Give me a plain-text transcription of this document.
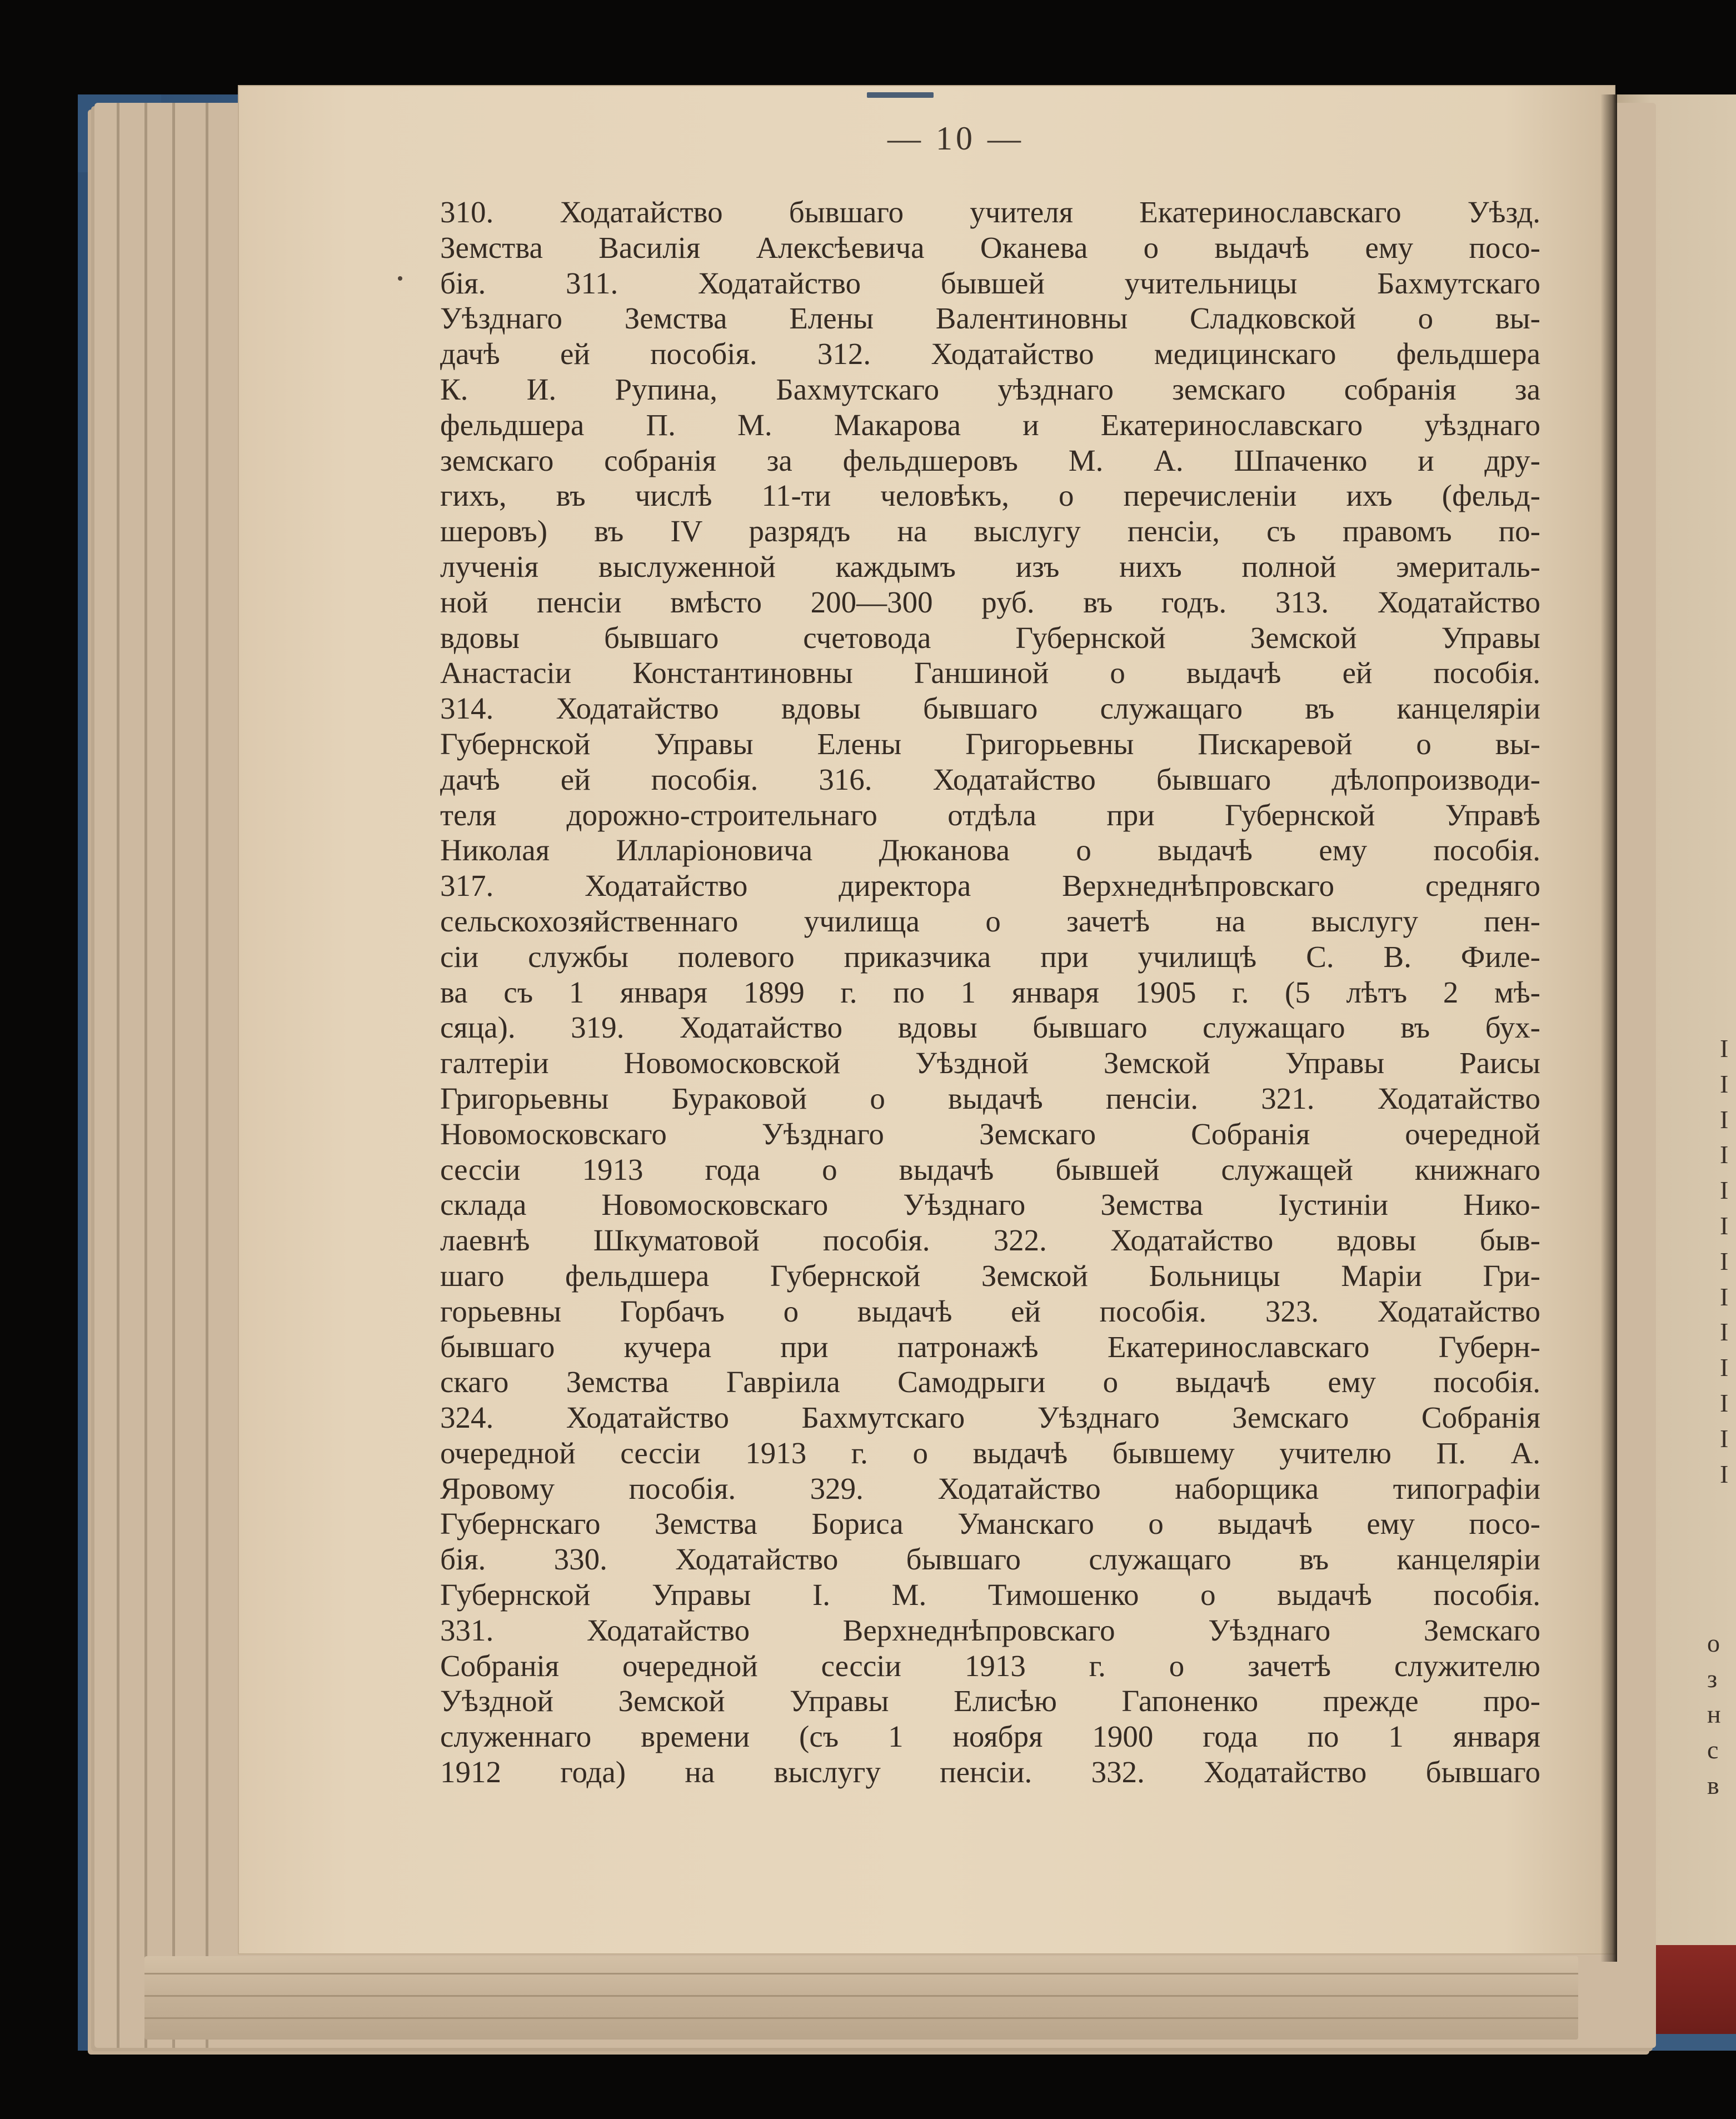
— 10 —
310. Ходатайство бывшаго учителя Екатеринославскаго Уѣзд.
Земства Василія Алексѣевича Оканева о выдачѣ ему посо-
бія. 311. Ходатайство бывшей учительницы Бахмутскаго
Уѣзднаго Земства Елены Валентиновны Сладковской о вы-
дачѣ ей пособія. 312. Ходатайство медицинскаго фельдшера
К. И. Рупина, Бахмутскаго уѣзднаго земскаго собранія за
фельдшера П. М. Макарова и Екатеринославскаго уѣзднаго
земскаго собранія за фельдшеровъ М. А. Шпаченко и дру-
гихъ, въ числѣ 11-ти человѣкъ, о перечисленіи ихъ (фельд-
шеровъ) въ IV разрядъ на выслугу пенсіи, съ правомъ по-
лученія выслуженной каждымъ изъ нихъ полной эмериталь-
ной пенсіи вмѣсто 200—300 руб. въ годъ. 313. Ходатайство
вдовы бывшаго счетовода Губернской Земской Управы
Анастасіи Константиновны Ганшиной о выдачѣ ей пособія.
314. Ходатайство вдовы бывшаго служащаго въ канцеляріи
Губернской Управы Елены Григорьевны Пискаревой о вы-
дачѣ ей пособія. 316. Ходатайство бывшаго дѣлопроизводи-
теля дорожно-строительнаго отдѣла при Губернской Управѣ
Николая Илларіоновича Дюканова о выдачѣ ему пособія.
317. Ходатайство директора Верхнеднѣпровскаго средняго
сельскохозяйственнаго училища о зачетѣ на выслугу пен-
сіи службы полевого приказчика при училищѣ С. В. Филе-
ва съ 1 января 1899 г. по 1 января 1905 г. (5 лѣтъ 2 мѣ-
сяца). 319. Ходатайство вдовы бывшаго служащаго въ бух-
галтеріи Новомосковской Уѣздной Земской Управы Раисы
Григорьевны Бураковой о выдачѣ пенсіи. 321. Ходатайство
Новомосковскаго Уѣзднаго Земскаго Собранія очередной
сессіи 1913 года о выдачѣ бывшей служащей книжнаго
склада Новомосковскаго Уѣзднаго Земства Іустиніи Нико-
лаевнѣ Шкуматовой пособія. 322. Ходатайство вдовы быв-
шаго фельдшера Губернской Земской Больницы Маріи Гри-
горьевны Горбачъ о выдачѣ ей пособія. 323. Ходатайство
бывшаго кучера при патронажѣ Екатеринославскаго Губерн-
скаго Земства Гавріила Самодрыги о выдачѣ ему пособія.
324. Ходатайство Бахмутскаго Уѣзднаго Земскаго Собранія
очередной сессіи 1913 г. о выдачѣ бывшему учителю П. А.
Яровому пособія. 329. Ходатайство наборщика типографіи
Губернскаго Земства Бориса Уманскаго о выдачѣ ему посо-
бія. 330. Ходатайство бывшаго служащаго въ канцеляріи
Губернской Управы І. М. Тимошенко о выдачѣ пособія.
331. Ходатайство Верхнеднѣпровскаго Уѣзднаго Земскаго
Собранія очередной сессіи 1913 г. о зачетѣ служителю
Уѣздной Земской Управы Елисѣю Гапоненко прежде про-
служеннаго времени (съ 1 ноября 1900 года по 1 января
1912 года) на выслугу пенсіи. 332. Ходатайство бывшаго
І
І
І
І
І
І
І
І
І
І
І
І
І
о
з
н
с
в
